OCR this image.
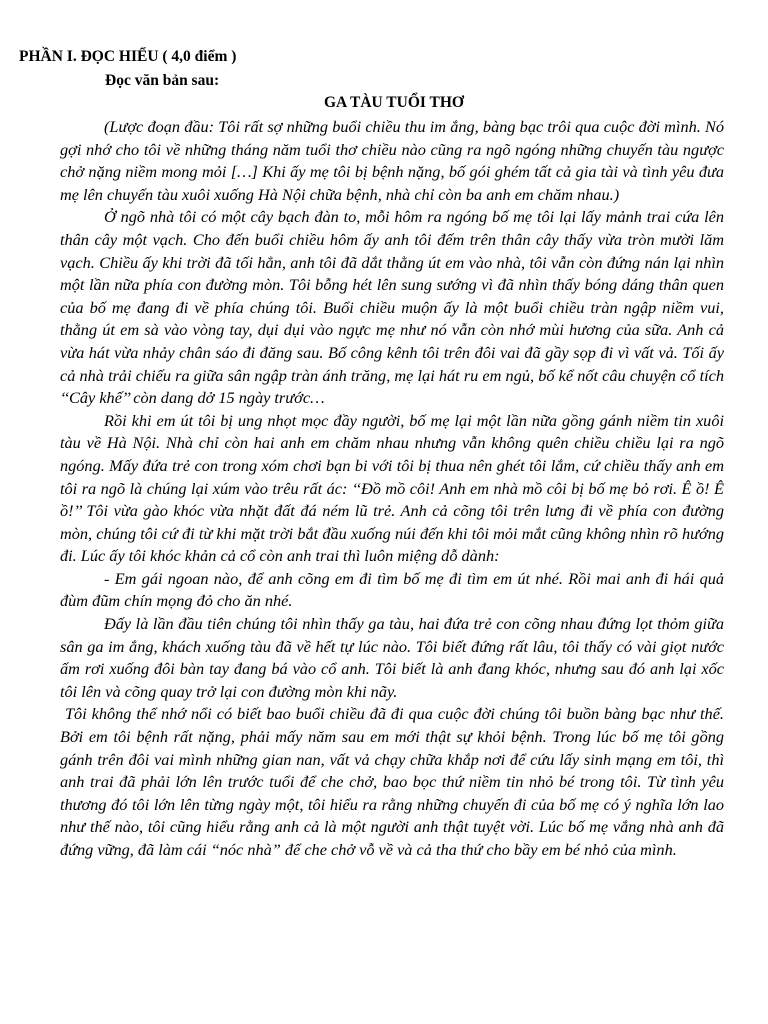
PHẦN I. ĐỌC HIỂU ( 4,0 điểm )
Đọc văn bản sau:
GA TÀU TUỔI THƠ

(Lược đoạn đầu: Tôi rất sợ những buổi chiều thu im ắng, bàng bạc trôi qua cuộc đời mình. Nó gợi nhớ cho tôi về những tháng năm tuổi thơ chiều nào cũng ra ngõ ngóng những chuyến tàu ngược chở nặng niềm mong mỏi […] Khi ấy mẹ tôi bị bệnh nặng, bố gói ghém tất cả gia tài và tình yêu đưa mẹ lên chuyến tàu xuôi xuống Hà Nội chữa bệnh, nhà chỉ còn ba anh em chăm nhau.)

Ở ngõ nhà tôi có một cây bạch đàn to, mỗi hôm ra ngóng bố mẹ tôi lại lấy mảnh trai cứa lên thân cây một vạch. Cho đến buổi chiều hôm ấy anh tôi đếm trên thân cây thấy vừa tròn mười lăm vạch. Chiều ấy khi trời đã tối hẳn, anh tôi đã dắt thằng út em vào nhà, tôi vẫn còn đứng nán lại nhìn một lần nữa phía con đường mòn. Tôi bỗng hét lên sung sướng vì đã nhìn thấy bóng dáng thân quen của bố mẹ đang đi về phía chúng tôi. Buổi chiều muộn ấy là một buổi chiều tràn ngập niềm vui, thằng út em sà vào vòng tay, dụi dụi vào ngực mẹ như nó vẫn còn nhớ mùi hương của sữa. Anh cả vừa hát vừa nhảy chân sáo đi đăng sau. Bố công kênh tôi trên đôi vai đã gầy sọp đi vì vất vả. Tối ấy cả nhà trải chiếu ra giữa sân ngập tràn ánh trăng, mẹ lại hát ru em ngủ, bố kể nốt câu chuyện cổ tích ‘‘Cây khế’’ còn dang dở 15 ngày trước…

Rồi khi em út tôi bị ung nhọt mọc đầy người, bố mẹ lại một lần nữa gồng gánh niềm tin xuôi tàu về Hà Nội. Nhà chỉ còn hai anh em chăm nhau nhưng vẫn không quên chiều chiều lại ra ngõ ngóng. Mấy đứa trẻ con trong xóm chơi bạn bi với tôi bị thua nên ghét tôi lắm, cứ chiều thấy anh em tôi ra ngõ là chúng lại xúm vào trêu rất ác: ‘‘Đồ mồ côi! Anh em nhà mồ côi bị bố mẹ bỏ rơi. Ê ồ! Ê ồ!’’ Tôi vừa gào khóc vừa nhặt đất đá ném lũ trẻ. Anh cả cõng tôi trên lưng đi về phía con đường mòn, chúng tôi cứ đi từ khi mặt trời bắt đầu xuống núi đến khi tôi mỏi mắt cũng không nhìn rõ hướng đi. Lúc ấy tôi khóc khản cả cổ còn anh trai thì luôn miệng dỗ dành:

- Em gái ngoan nào, để anh cõng em đi tìm bố mẹ đi tìm em út nhé. Rồi mai anh đi hái quả đùm đũm chín mọng đỏ cho ăn nhé.

Đấy là lần đầu tiên chúng tôi nhìn thấy ga tàu, hai đứa trẻ con cõng nhau đứng lọt thỏm giữa sân ga im ắng, khách xuống tàu đã về hết tự lúc nào. Tôi biết đứng rất lâu, tôi thấy có vài giọt nước ấm rơi xuống đôi bàn tay đang bá vào cổ anh. Tôi biết là anh đang khóc, nhưng sau đó anh lại xốc tôi lên và cõng quay trở lại con đường mòn khi nãy.

Tôi không thể nhớ nổi có biết bao buổi chiều đã đi qua cuộc đời chúng tôi buồn bàng bạc như thế. Bởi em tôi bệnh rất nặng, phải mấy năm sau em mới thật sự khỏi bệnh. Trong lúc bố mẹ tôi gồng gánh trên đôi vai mình những gian nan, vất vả chạy chữa khắp nơi để cứu lấy sinh mạng em tôi, thì anh trai đã phải lớn lên trước tuổi để che chở, bao bọc thứ niềm tin nhỏ bé trong tôi. Từ tình yêu thương đó tôi lớn lên từng ngày một, tôi hiểu ra rằng những chuyến đi của bố mẹ có ý nghĩa lớn lao như thế nào, tôi cũng hiểu rằng anh cả là một người anh thật tuyệt vời. Lúc bố mẹ vắng nhà anh đã đứng vững, đã làm cái “nóc nhà” để che chở vỗ về và cả tha thứ cho bầy em bé nhỏ của mình.
